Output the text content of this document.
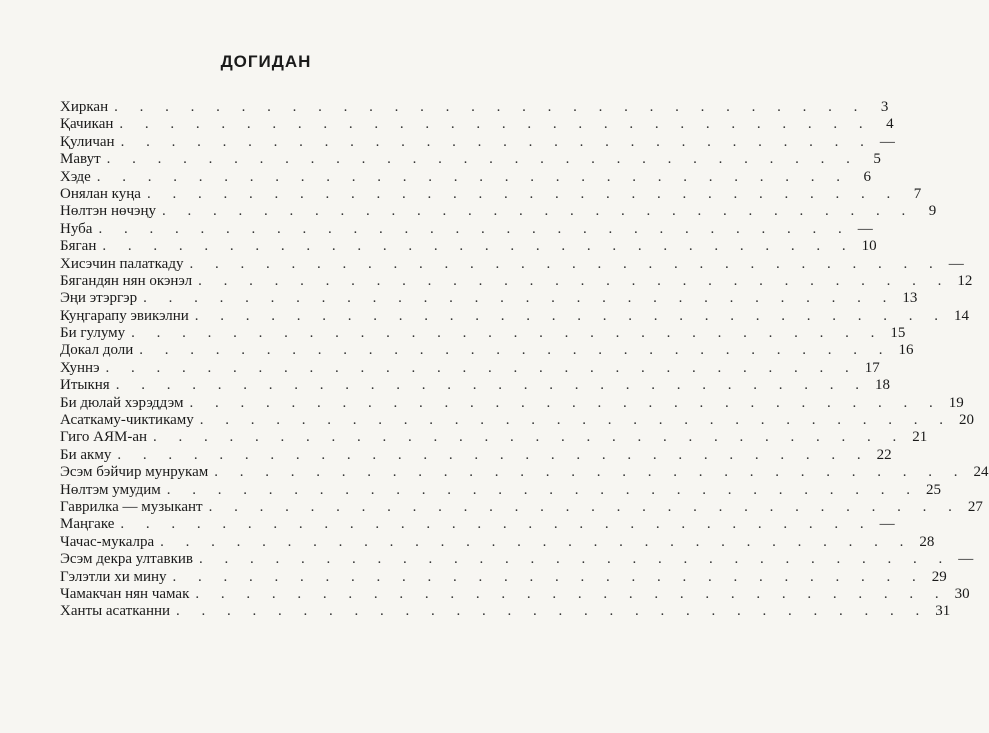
ДОГИДАН
Хиркан . . . . . . . . . . . . . . . . . . . . . . . . . . . . . . 3
Қачикан . . . . . . . . . . . . . . . . . . . . . . . . . . . . . . 4
Қуличан . . . . . . . . . . . . . . . . . . . . . . . . . . . . . . —
Мавут . . . . . . . . . . . . . . . . . . . . . . . . . . . . . . 5
Хэде . . . . . . . . . . . . . . . . . . . . . . . . . . . . . . 6
Онялан куңа . . . . . . . . . . . . . . . . . . . . . . . . . . . . . . 7
Нөлтэн нөчэңу . . . . . . . . . . . . . . . . . . . . . . . . . . . . . . 9
Нуба . . . . . . . . . . . . . . . . . . . . . . . . . . . . . . —
Бяган . . . . . . . . . . . . . . . . . . . . . . . . . . . . . . 10
Хисэчин палаткаду . . . . . . . . . . . . . . . . . . . . . . . . . . . . . . —
Бягандян нян окэнэл . . . . . . . . . . . . . . . . . . . . . . . . . . . . . . 12
Эңи этэргэр . . . . . . . . . . . . . . . . . . . . . . . . . . . . . . 13
Куңгарапу эвикэлни . . . . . . . . . . . . . . . . . . . . . . . . . . . . . . 14
Би гулуму . . . . . . . . . . . . . . . . . . . . . . . . . . . . . . 15
Докал доли . . . . . . . . . . . . . . . . . . . . . . . . . . . . . . 16
Хуннэ . . . . . . . . . . . . . . . . . . . . . . . . . . . . . . 17
Итыкня . . . . . . . . . . . . . . . . . . . . . . . . . . . . . . 18
Би дюлай хэрэддэм . . . . . . . . . . . . . . . . . . . . . . . . . . . . . . 19
Асаткаму-чиктикаму . . . . . . . . . . . . . . . . . . . . . . . . . . . . . . 20
Гиго АЯМ-ан . . . . . . . . . . . . . . . . . . . . . . . . . . . . . . 21
Би акму . . . . . . . . . . . . . . . . . . . . . . . . . . . . . . 22
Эсэм бэйчир мунрукам . . . . . . . . . . . . . . . . . . . . . . . . . . . . . . 24
Нөлтэм умудим . . . . . . . . . . . . . . . . . . . . . . . . . . . . . . 25
Гаврилка — музыкант . . . . . . . . . . . . . . . . . . . . . . . . . . . . . . 27
Маңгаке . . . . . . . . . . . . . . . . . . . . . . . . . . . . . . —
Чачас-мукалра . . . . . . . . . . . . . . . . . . . . . . . . . . . . . . 28
Эсэм декра ултавкив . . . . . . . . . . . . . . . . . . . . . . . . . . . . . . —
Гэлэтли хи мину . . . . . . . . . . . . . . . . . . . . . . . . . . . . . . 29
Чамакчан нян чамак . . . . . . . . . . . . . . . . . . . . . . . . . . . . . . 30
Ханты асатканни . . . . . . . . . . . . . . . . . . . . . . . . . . . . . . 31
